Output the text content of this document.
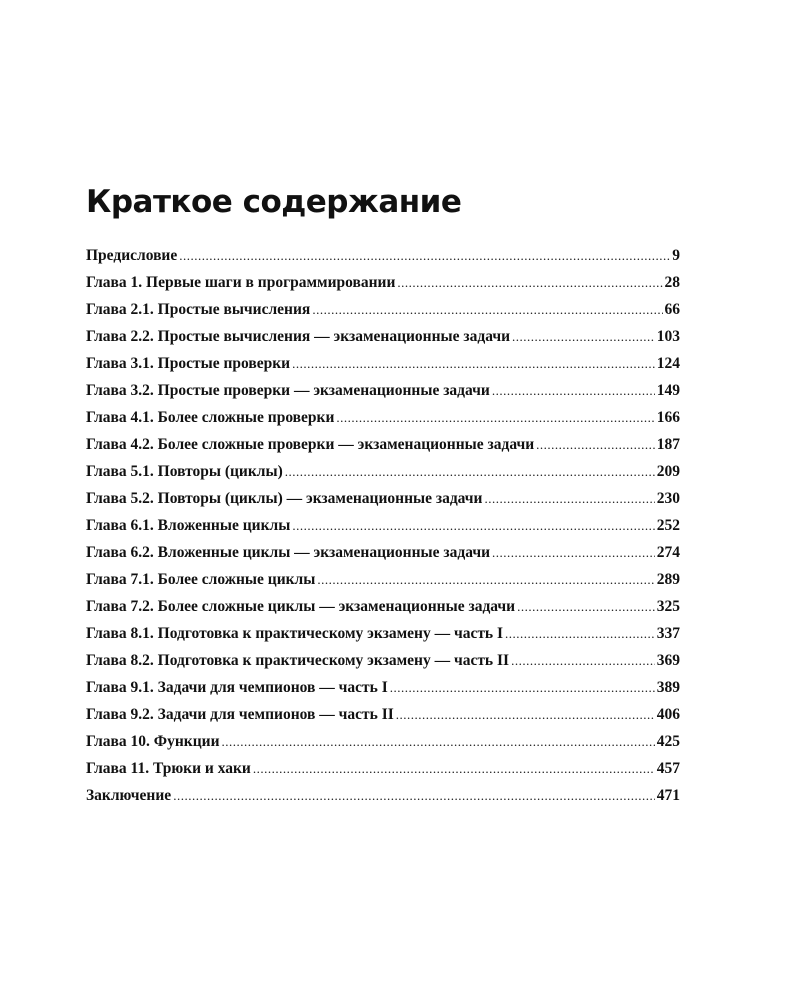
Краткое содержание
Предисловие .....	9
Глава 1. Первые шаги в программировании .....	28
Глава 2.1. Простые вычисления .....	66
Глава 2.2. Простые вычисления — экзаменационные задачи .....	103
Глава 3.1. Простые проверки .....	124
Глава 3.2. Простые проверки — экзаменационные задачи .....	149
Глава 4.1. Более сложные проверки .....	166
Глава 4.2. Более сложные проверки — экзаменационные задачи .....	187
Глава 5.1. Повторы (циклы) .....	209
Глава 5.2. Повторы (циклы) — экзаменационные задачи .....	230
Глава 6.1. Вложенные циклы .....	252
Глава 6.2. Вложенные циклы — экзаменационные задачи .....	274
Глава 7.1. Более сложные циклы .....	289
Глава 7.2. Более сложные циклы — экзаменационные задачи .....	325
Глава 8.1. Подготовка к практическому экзамену — часть I .....	337
Глава 8.2. Подготовка к практическому экзамену — часть II .....	369
Глава 9.1. Задачи для чемпионов — часть I .....	389
Глава 9.2. Задачи для чемпионов — часть II .....	406
Глава 10. Функции .....	425
Глава 11. Трюки и хаки .....	457
Заключение .....	471
